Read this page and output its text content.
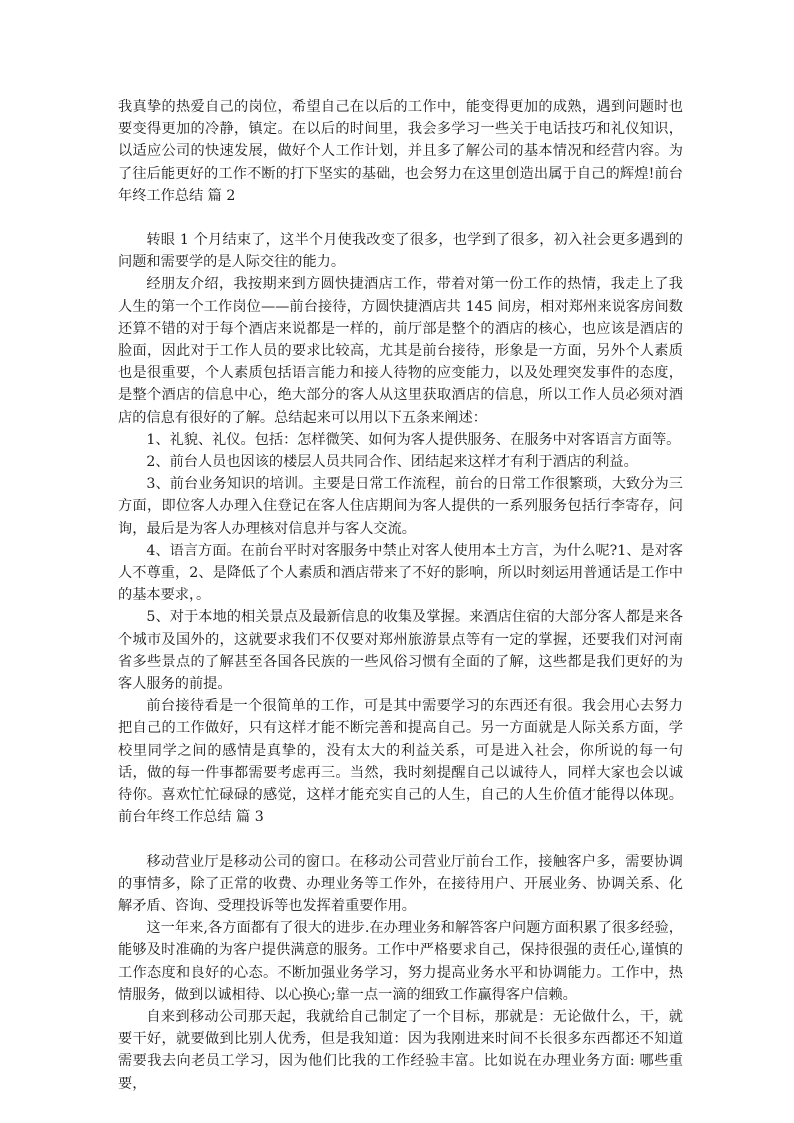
我真挚的热爱自己的岗位，希望自己在以后的工作中，能变得更加的成熟，遇到问题时也要变得更加的冷静，镇定。在以后的时间里，我会多学习一些关于电话技巧和礼仪知识，以适应公司的快速发展，做好个人工作计划，并且多了解公司的基本情况和经营内容。为了往后能更好的工作不断的打下坚实的基础，也会努力在这里创造出属于自己的辉煌!前台年终工作总结 篇 2

转眼 1 个月结束了，这半个月使我改变了很多，也学到了很多，初入社会更多遇到的问题和需要学的是人际交往的能力。

经朋友介绍，我按期来到方圆快捷酒店工作，带着对第一份工作的热情，我走上了我人生的第一个工作岗位——前台接待，方圆快捷酒店共 145 间房，相对郑州来说客房间数还算不错的对于每个酒店来说都是一样的，前厅部是整个的酒店的核心，也应该是酒店的脸面，因此对于工作人员的要求比较高，尤其是前台接待，形象是一方面，另外个人素质也是很重要，个人素质包括语言能力和接人待物的应变能力，以及处理突发事件的态度，是整个酒店的信息中心，绝大部分的客人从这里获取酒店的信息，所以工作人员必须对酒店的信息有很好的了解。总结起来可以用以下五条来阐述：

1、礼貌、礼仪。包括：怎样微笑、如何为客人提供服务、在服务中对客语言方面等。

2、前台人员也因该的楼层人员共同合作、团结起来这样才有利于酒店的利益。

3、前台业务知识的培训。主要是日常工作流程，前台的日常工作很繁琐，大致分为三方面，即位客人办理入住登记在客人住店期间为客人提供的一系列服务包括行李寄存，问询，最后是为客人办理核对信息并与客人交流。

4、语言方面。在前台平时对客服务中禁止对客人使用本土方言，为什么呢?1、是对客人不尊重，2、是降低了个人素质和酒店带来了不好的影响，所以时刻运用普通话是工作中的基本要求，。

5、对于本地的相关景点及最新信息的收集及掌握。来酒店住宿的大部分客人都是来各个城市及国外的，这就要求我们不仅要对郑州旅游景点等有一定的掌握，还要我们对河南省多些景点的了解甚至各国各民族的一些风俗习惯有全面的了解，这些都是我们更好的为客人服务的前提。

前台接待看是一个很简单的工作，可是其中需要学习的东西还有很。我会用心去努力把自己的工作做好，只有这样才能不断完善和提高自己。另一方面就是人际关系方面，学校里同学之间的感情是真挚的，没有太大的利益关系，可是进入社会，你所说的每一句话，做的每一件事都需要考虑再三。当然，我时刻提醒自己以诚待人，同样大家也会以诚待你。喜欢忙忙碌碌的感觉，这样才能充实自己的人生，自己的人生价值才能得以体现。前台年终工作总结 篇 3

移动营业厅是移动公司的窗口。在移动公司营业厅前台工作，接触客户多，需要协调的事情多，除了正常的收费、办理业务等工作外，在接待用户、开展业务、协调关系、化解矛盾、咨询、受理投诉等也发挥着重要作用。

这一年来,各方面都有了很大的进步.在办理业务和解答客户问题方面积累了很多经验，能够及时准确的为客户提供满意的服务。工作中严格要求自己，保持很强的责任心,谨慎的工作态度和良好的心态。不断加强业务学习，努力提高业务水平和协调能力。工作中，热情服务，做到以诚相待、以心换心;靠一点一滴的细致工作赢得客户信赖。

自来到移动公司那天起，我就给自己制定了一个目标，那就是：无论做什么，干，就要干好，就要做到比别人优秀，但是我知道：因为我刚进来时间不长很多东西都还不知道需要我去向老员工学习，因为他们比我的工作经验丰富。比如说在办理业务方面: 哪些重要，
